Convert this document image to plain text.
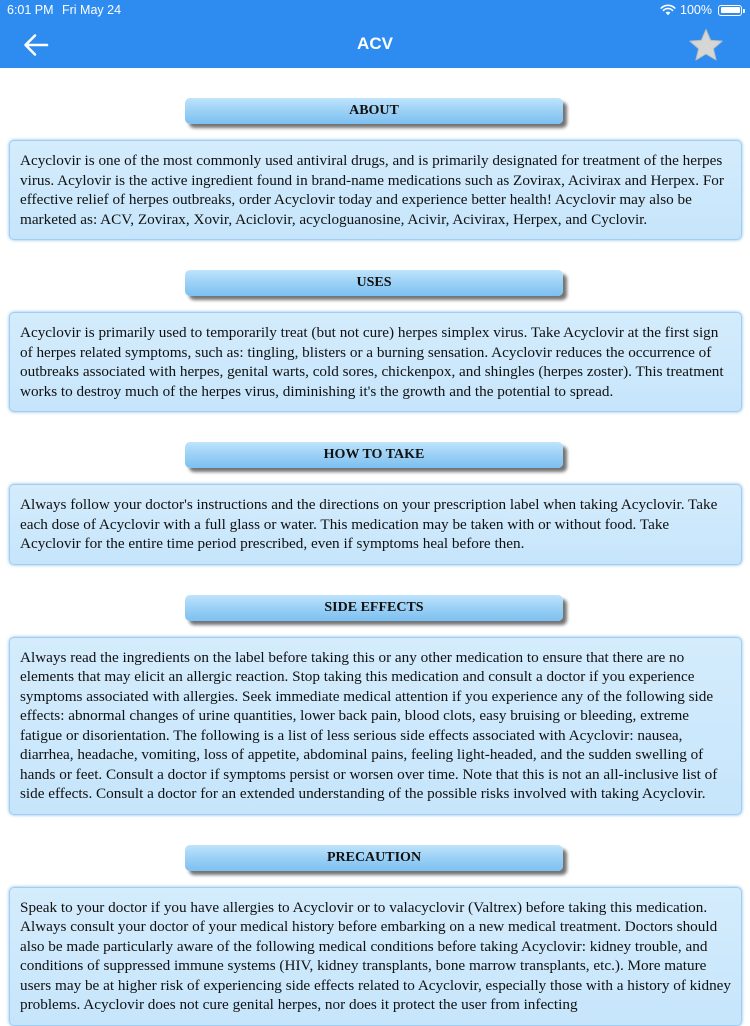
6:01 PM Fri May 24	100%
ACV
ABOUT
Acyclovir is one of the most commonly used antiviral drugs, and is primarily designated for treatment of the herpes virus. Acylovir is the active ingredient found in brand-name medications such as Zovirax, Acivirax and Herpex. For effective relief of herpes outbreaks, order Acyclovir today and experience better health! Acyclovir may also be marketed as: ACV, Zovirax, Xovir, Aciclovir, acycloguanosine, Acivir, Acivirax, Herpex, and Cyclovir.
USES
Acyclovir is primarily used to temporarily treat (but not cure) herpes simplex virus. Take Acyclovir at the first sign of herpes related symptoms, such as: tingling, blisters or a burning sensation. Acyclovir reduces the occurrence of outbreaks associated with herpes, genital warts, cold sores, chickenpox, and shingles (herpes zoster). This treatment works to destroy much of the herpes virus, diminishing it's the growth and the potential to spread.
HOW TO TAKE
Always follow your doctor's instructions and the directions on your prescription label when taking Acyclovir. Take each dose of Acyclovir with a full glass or water. This medication may be taken with or without food. Take Acyclovir for the entire time period prescribed, even if symptoms heal before then.
SIDE EFFECTS
Always read the ingredients on the label before taking this or any other medication to ensure that there are no elements that may elicit an allergic reaction. Stop taking this medication and consult a doctor if you experience symptoms associated with allergies. Seek immediate medical attention if you experience any of the following side effects: abnormal changes of urine quantities, lower back pain, blood clots, easy bruising or bleeding, extreme fatigue or disorientation. The following is a list of less serious side effects associated with Acyclovir: nausea, diarrhea, headache, vomiting, loss of appetite, abdominal pains, feeling light-headed, and the sudden swelling of hands or feet. Consult a doctor if symptoms persist or worsen over time. Note that this is not an all-inclusive list of side effects. Consult a doctor for an extended understanding of the possible risks involved with taking Acyclovir.
PRECAUTION
Speak to your doctor if you have allergies to Acyclovir or to valacyclovir (Valtrex) before taking this medication. Always consult your doctor of your medical history before embarking on a new medical treatment. Doctors should also be made particularly aware of the following medical conditions before taking Acyclovir: kidney trouble, and conditions of suppressed immune systems (HIV, kidney transplants, bone marrow transplants, etc.). More mature users may be at higher risk of experiencing side effects related to Acyclovir, especially those with a history of kidney problems. Acyclovir does not cure genital herpes, nor does it protect the user from infecting
